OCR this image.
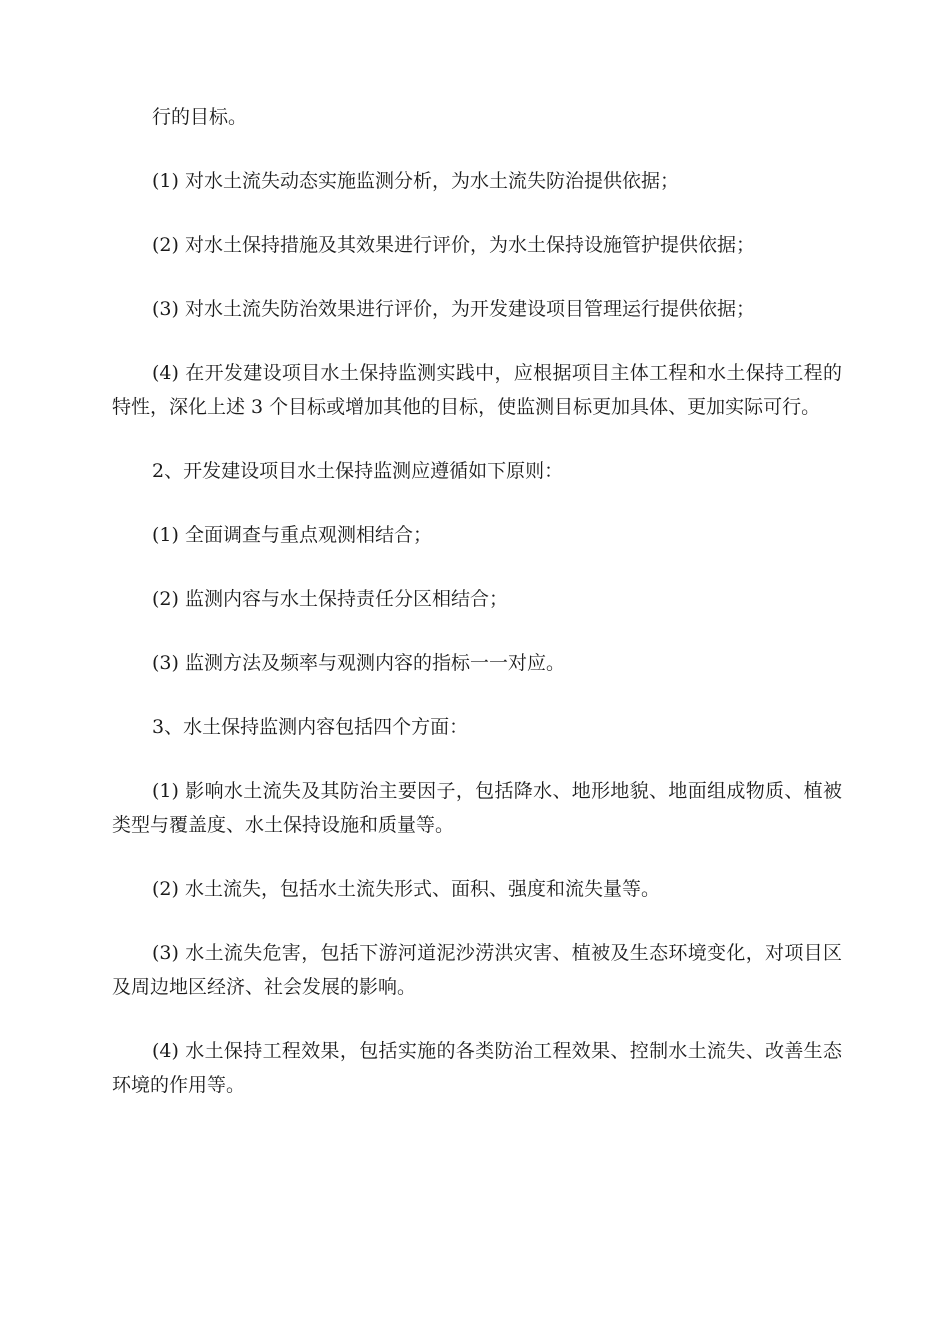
行的目标。

(1) 对水土流失动态实施监测分析，为水土流失防治提供依据；

(2) 对水土保持措施及其效果进行评价，为水土保持设施管护提供依据；

(3) 对水土流失防治效果进行评价，为开发建设项目管理运行提供依据；

(4) 在开发建设项目水土保持监测实践中，应根据项目主体工程和水土保持工程的特性，深化上述 3 个目标或增加其他的目标，使监测目标更加具体、更加实际可行。

2、开发建设项目水土保持监测应遵循如下原则：

(1) 全面调查与重点观测相结合；

(2) 监测内容与水土保持责任分区相结合；

(3) 监测方法及频率与观测内容的指标一一对应。

3、水土保持监测内容包括四个方面：

(1) 影响水土流失及其防治主要因子，包括降水、地形地貌、地面组成物质、植被类型与覆盖度、水土保持设施和质量等。

(2) 水土流失，包括水土流失形式、面积、强度和流失量等。

(3) 水土流失危害，包括下游河道泥沙涝洪灾害、植被及生态环境变化，对项目区及周边地区经济、社会发展的影响。

(4) 水土保持工程效果，包括实施的各类防治工程效果、控制水土流失、改善生态环境的作用等。
